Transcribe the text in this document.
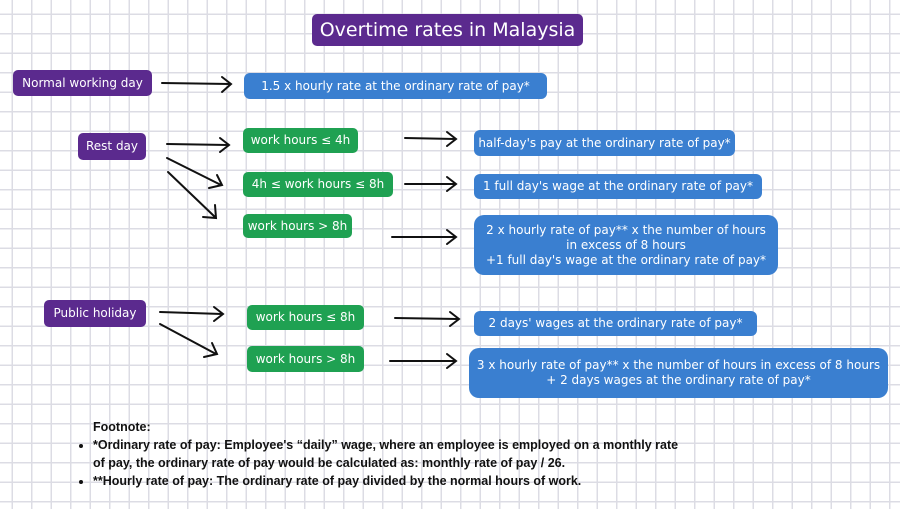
Overtime rates in Malaysia
Normal working day
Rest day
Public holiday
work hours ≤ 4h
4h ≤ work hours ≤ 8h
work hours > 8h
work hours ≤ 8h
work hours > 8h
1.5 x hourly rate at the ordinary rate of pay*
half-day's pay at the ordinary rate of pay*
1 full day's wage at the ordinary rate of pay*
2 x hourly rate of pay** x the number of hours
in excess of 8 hours
+1 full day's wage at the ordinary rate of pay*
2 days' wages at the ordinary rate of pay*
3 x hourly rate of pay** x the number of hours in excess of 8 hours
+ 2 days wages at the ordinary rate of pay*
Footnote:
• *Ordinary rate of pay: Employee's “daily” wage, where an employee is employed on a monthly rate
of pay, the ordinary rate of pay would be calculated as: monthly rate of pay / 26.
• **Hourly rate of pay: The ordinary rate of pay divided by the normal hours of work.
